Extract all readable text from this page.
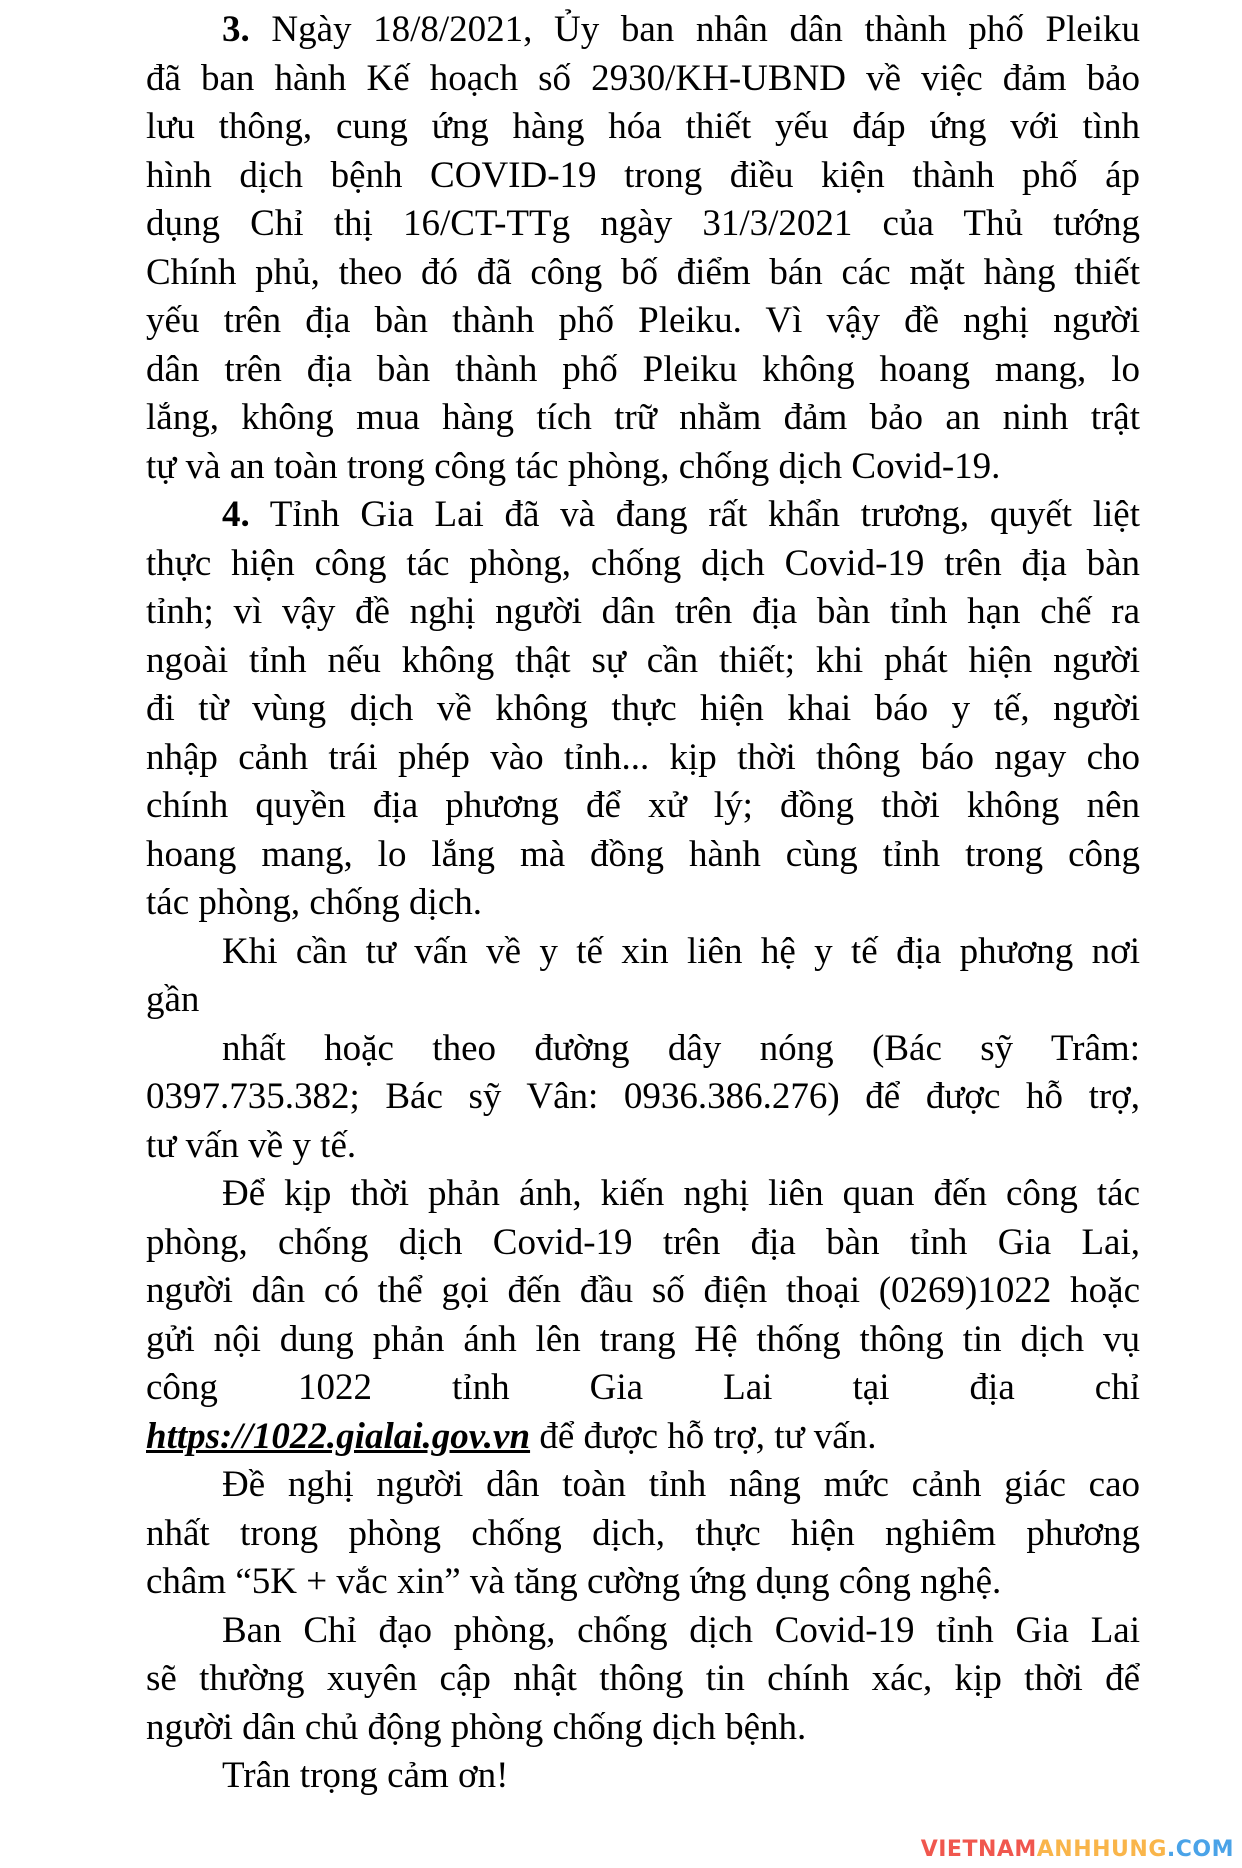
3. Ngày 18/8/2021, Ủy ban nhân dân thành phố Pleiku
đã ban hành Kế hoạch số 2930/KH-UBND về việc đảm bảo
lưu thông, cung ứng hàng hóa thiết yếu đáp ứng với tình
hình dịch bệnh COVID-19 trong điều kiện thành phố áp
dụng Chỉ thị 16/CT-TTg ngày 31/3/2021 của Thủ tướng
Chính phủ, theo đó đã công bố điểm bán các mặt hàng thiết
yếu trên địa bàn thành phố Pleiku. Vì vậy đề nghị người
dân trên địa bàn thành phố Pleiku không hoang mang, lo
lắng, không mua hàng tích trữ nhằm đảm bảo an ninh trật
tự và an toàn trong công tác phòng, chống dịch Covid-19.
4. Tỉnh Gia Lai đã và đang rất khẩn trương, quyết liệt
thực hiện công tác phòng, chống dịch Covid-19 trên địa bàn
tỉnh; vì vậy đề nghị người dân trên địa bàn tỉnh hạn chế ra
ngoài tỉnh nếu không thật sự cần thiết; khi phát hiện người
đi từ vùng dịch về không thực hiện khai báo y tế, người
nhập cảnh trái phép vào tỉnh... kịp thời thông báo ngay cho
chính quyền địa phương để xử lý; đồng thời không nên
hoang mang, lo lắng mà đồng hành cùng tỉnh trong công
tác phòng, chống dịch.
Khi cần tư vấn về y tế xin liên hệ y tế địa phương nơi
gần
nhất hoặc theo đường dây nóng (Bác sỹ Trâm:
0397.735.382; Bác sỹ Vân: 0936.386.276) để được hỗ trợ,
tư vấn về y tế.
Để kịp thời phản ánh, kiến nghị liên quan đến công tác
phòng, chống dịch Covid-19 trên địa bàn tỉnh Gia Lai,
người dân có thể gọi đến đầu số điện thoại (0269)1022 hoặc
gửi nội dung phản ánh lên trang Hệ thống thông tin dịch vụ
công 1022 tỉnh Gia Lai tại địa chỉ
https://1022.gialai.gov.vn để được hỗ trợ, tư vấn.
Đề nghị người dân toàn tỉnh nâng mức cảnh giác cao
nhất trong phòng chống dịch, thực hiện nghiêm phương
châm “5K + vắc xin” và tăng cường ứng dụng công nghệ.
Ban Chỉ đạo phòng, chống dịch Covid-19 tỉnh Gia Lai
sẽ thường xuyên cập nhật thông tin chính xác, kịp thời để
người dân chủ động phòng chống dịch bệnh.
Trân trọng cảm ơn!
VIETNAMANHHUNG.COM
